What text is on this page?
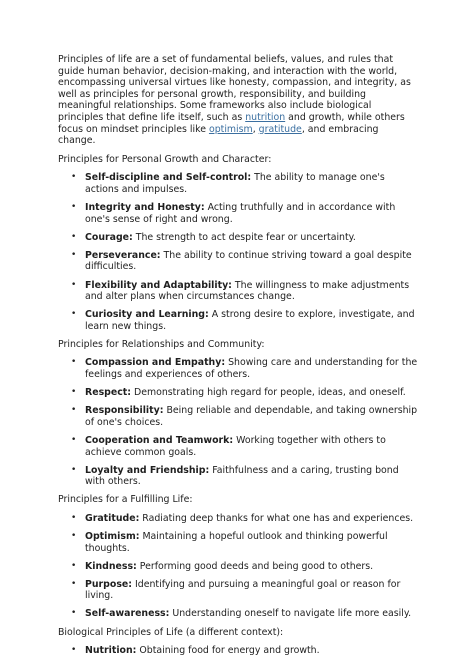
Principles of life are a set of fundamental beliefs, values, and rules that guide human behavior, decision-making, and interaction with the world, encompassing universal virtues like honesty, compassion, and integrity, as well as principles for personal growth, responsibility, and building meaningful relationships. Some frameworks also include biological principles that define life itself, such as nutrition and growth, while others focus on mindset principles like optimism, gratitude, and embracing change.

Principles for Personal Growth and Character:
• Self-discipline and Self-control: The ability to manage one's actions and impulses.
• Integrity and Honesty: Acting truthfully and in accordance with one's sense of right and wrong.
• Courage: The strength to act despite fear or uncertainty.
• Perseverance: The ability to continue striving toward a goal despite difficulties.
• Flexibility and Adaptability: The willingness to make adjustments and alter plans when circumstances change.
• Curiosity and Learning: A strong desire to explore, investigate, and learn new things.
Principles for Relationships and Community:
• Compassion and Empathy: Showing care and understanding for the feelings and experiences of others.
• Respect: Demonstrating high regard for people, ideas, and oneself.
• Responsibility: Being reliable and dependable, and taking ownership of one's choices.
• Cooperation and Teamwork: Working together with others to achieve common goals.
• Loyalty and Friendship: Faithfulness and a caring, trusting bond with others.
Principles for a Fulfilling Life:
• Gratitude: Radiating deep thanks for what one has and experiences.
• Optimism: Maintaining a hopeful outlook and thinking powerful thoughts.
• Kindness: Performing good deeds and being good to others.
• Purpose: Identifying and pursuing a meaningful goal or reason for living.
• Self-awareness: Understanding oneself to navigate life more easily.
Biological Principles of Life (a different context):
• Nutrition: Obtaining food for energy and growth.
